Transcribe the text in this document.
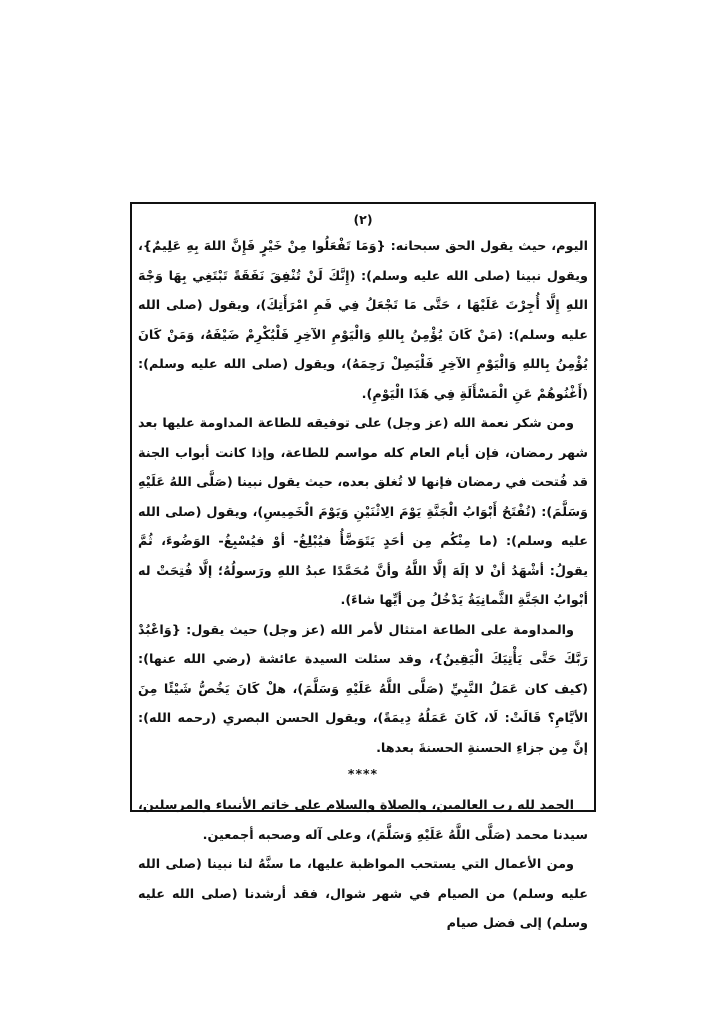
(٢)

اليوم، حيث يقول الحق سبحانه: {وَمَا تَفْعَلُوا مِنْ خَيْرٍ فَإِنَّ اللهَ بِهِ عَلِيمٌ}، ويقول نبينا (صلى الله عليه وسلم): (إِنَّكَ لَنْ تُنْفِقَ نَفَقَةً تَبْتَغِي بِهَا وَجْهَ اللهِ إِلَّا أُجِرْتَ عَلَيْهَا ، حَتَّى مَا تَجْعَلُ فِي فَمِ امْرَأَتِكَ)، ويقول (صلى الله عليه وسلم): (مَنْ كَانَ يُؤْمِنُ بِاللهِ وَالْيَوْمِ الآخِرِ فَلْيُكْرِمْ ضَيْفَهُ، وَمَنْ كَانَ يُؤْمِنُ بِاللهِ وَالْيَوْمِ الآخِرِ فَلْيَصِلْ رَحِمَهُ)، ويقول (صلى الله عليه وسلم): (أَغْنُوهُمْ عَنِ الْمَسْأَلَةِ فِي هَذَا الْيَوْمِ).

ومن شكر نعمة الله (عز وجل) على توفيقه للطاعة المداومة عليها بعد شهر رمضان، فإن أيام العام كله مواسم للطاعة، وإذا كانت أبواب الجنة قد فُتحت في رمضان فإنها لا تُغلق بعده، حيث يقول نبينا (صَلَّى اللهُ عَلَيْهِ وَسَلَّمَ): (تُفْتَحُ أَبْوَابُ الْجَنَّةِ يَوْمَ الِاثْنَيْنِ وَيَوْمَ الْخَمِيسِ)، ويقول (صلى الله عليه وسلم): (ما مِنْكُم مِن أحَدٍ يَتَوَضَّأُ فيُبْلِغُ- أوْ فيُسْبِغُ- الوَضُوءَ، ثُمَّ يقولُ: أشْهَدُ أنْ لا إلَهَ إلَّا اللَّهُ وأنَّ مُحَمَّدًا عبدُ اللهِ ورَسولُهُ؛ إلَّا فُتِحَتْ له أبْوابُ الجَنَّةِ الثَّمانِيَةُ يَدْخُلُ مِن أيِّها شاءَ).

والمداومة على الطاعة امتثال لأمر الله (عز وجل) حيث يقول: {وَاعْبُدْ رَبَّكَ حَتَّى يَأْتِيَكَ الْيَقِينُ}، وقد سئلت السيدة عائشة (رضي الله عنها): (كيف كان عَمَلُ النَّبِيِّ (صَلَّى اللَّهُ عَلَيْهِ وَسَلَّمَ)، هلْ كَانَ يَخُصُّ شَيْئًا مِنَ الأيَّامِ؟ قَالَتْ: لَا، كَانَ عَمَلُهُ دِيمَةً)، ويقول الحسن البصري (رحمه الله): إنَّ مِن جزاءِ الحسنةِ الحسنةَ بعدها.

****

الحمد لله رب العالمين، والصلاة والسلام على خاتم الأنبياء والمرسلين، سيدنا محمد (صَلَّى اللَّهُ عَلَيْهِ وَسَلَّمَ)، وعلى آله وصحبه أجمعين.

ومن الأعمال التي يستحب المواظبة عليها، ما سنَّهُ لنا نبينا (صلى الله عليه وسلم) من الصيام في شهر شوال، فقد أرشدنا (صلى الله عليه وسلم) إلى فضل صيام
